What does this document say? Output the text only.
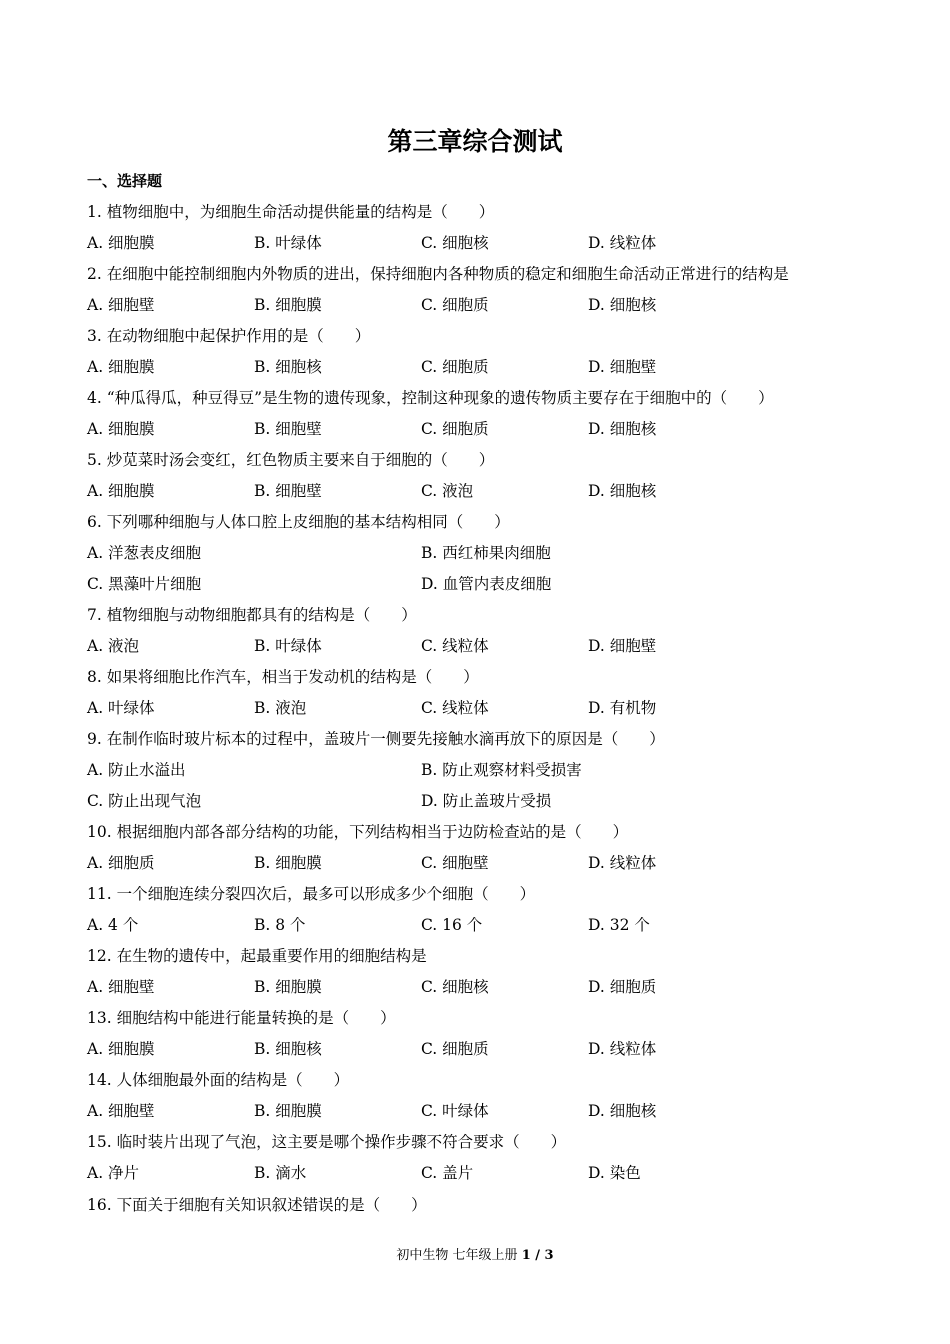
第三章综合测试
一、选择题
1. 植物细胞中，为细胞生命活动提供能量的结构是（　　）
A. 细胞膜	B. 叶绿体	C. 细胞核	D. 线粒体
2. 在细胞中能控制细胞内外物质的进出，保持细胞内各种物质的稳定和细胞生命活动正常进行的结构是
A. 细胞壁	B. 细胞膜	C. 细胞质	D. 细胞核
3. 在动物细胞中起保护作用的是（　　）
A. 细胞膜	B. 细胞核	C. 细胞质	D. 细胞壁
4. “种瓜得瓜，种豆得豆”是生物的遗传现象，控制这种现象的遗传物质主要存在于细胞中的（　　）
A. 细胞膜	B. 细胞壁	C. 细胞质	D. 细胞核
5. 炒苋菜时汤会变红，红色物质主要来自于细胞的（　　）
A. 细胞膜	B. 细胞壁	C. 液泡	D. 细胞核
6. 下列哪种细胞与人体口腔上皮细胞的基本结构相同（　　）
A. 洋葱表皮细胞	B. 西红柿果肉细胞
C. 黑藻叶片细胞	D. 血管内表皮细胞
7. 植物细胞与动物细胞都具有的结构是（　　）
A. 液泡	B. 叶绿体	C. 线粒体	D. 细胞壁
8. 如果将细胞比作汽车，相当于发动机的结构是（　　）
A. 叶绿体	B. 液泡	C. 线粒体	D. 有机物
9. 在制作临时玻片标本的过程中，盖玻片一侧要先接触水滴再放下的原因是（　　）
A. 防止水溢出	B. 防止观察材料受损害
C. 防止出现气泡	D. 防止盖玻片受损
10. 根据细胞内部各部分结构的功能，下列结构相当于边防检查站的是（　　）
A. 细胞质	B. 细胞膜	C. 细胞壁	D. 线粒体
11. 一个细胞连续分裂四次后，最多可以形成多少个细胞（　　）
A. 4 个	B. 8 个	C. 16 个	D. 32 个
12. 在生物的遗传中，起最重要作用的细胞结构是
A. 细胞壁	B. 细胞膜	C. 细胞核	D. 细胞质
13. 细胞结构中能进行能量转换的是（　　）
A. 细胞膜	B. 细胞核	C. 细胞质	D. 线粒体
14. 人体细胞最外面的结构是（　　）
A. 细胞壁	B. 细胞膜	C. 叶绿体	D. 细胞核
15. 临时装片出现了气泡，这主要是哪个操作步骤不符合要求（　　）
A. 净片	B. 滴水	C. 盖片	D. 染色
16. 下面关于细胞有关知识叙述错误的是（　　）
初中生物 七年级上册 1 / 3
